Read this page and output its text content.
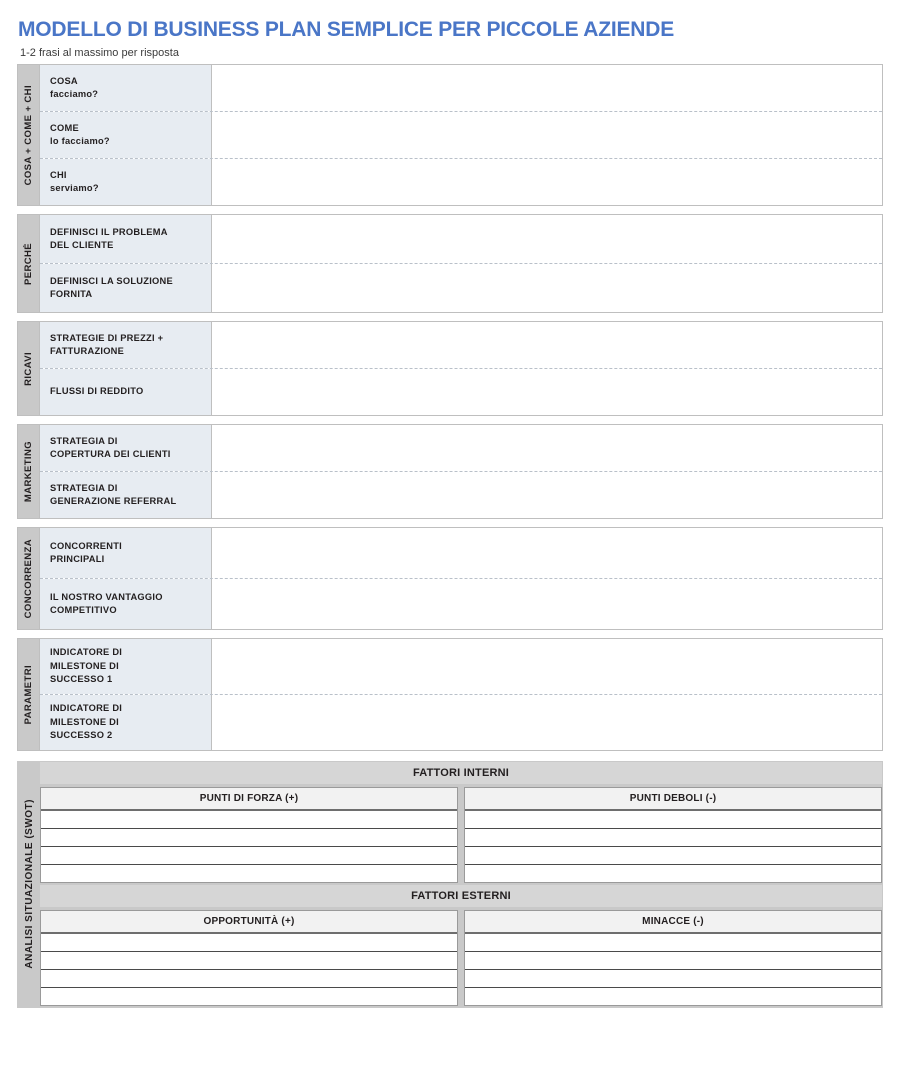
MODELLO DI BUSINESS PLAN SEMPLICE PER PICCOLE AZIENDE
1-2 frasi al massimo per risposta
COSA + COME + CHI
COSA
facciamo?
COME
lo facciamo?
CHI
serviamo?
PERCHÉ
DEFINISCI IL PROBLEMA
DEL CLIENTE
DEFINISCI LA SOLUZIONE
FORNITA
RICAVI
STRATEGIE DI PREZZI +
FATTURAZIONE
FLUSSI DI REDDITO
MARKETING
STRATEGIA DI
COPERTURA DEI CLIENTI
STRATEGIA DI
GENERAZIONE REFERRAL
CONCORRENZA CONCORRENTI
PRINCIPALI
IL NOSTRO VANTAGGIO
COMPETITIVO
PARAMETRI
INDICATORE DI
MILESTONE DI
SUCCESSO 1
INDICATORE DI
MILESTONE DI
SUCCESSO 2
ANALISI SITUAZIONALE (SWOT)
FATTORI INTERNI
PUNTI DI FORZA (+)	PUNTI DEBOLI (-)
FATTORI ESTERNI
OPPORTUNITÀ (+)	MINACCE (-)
